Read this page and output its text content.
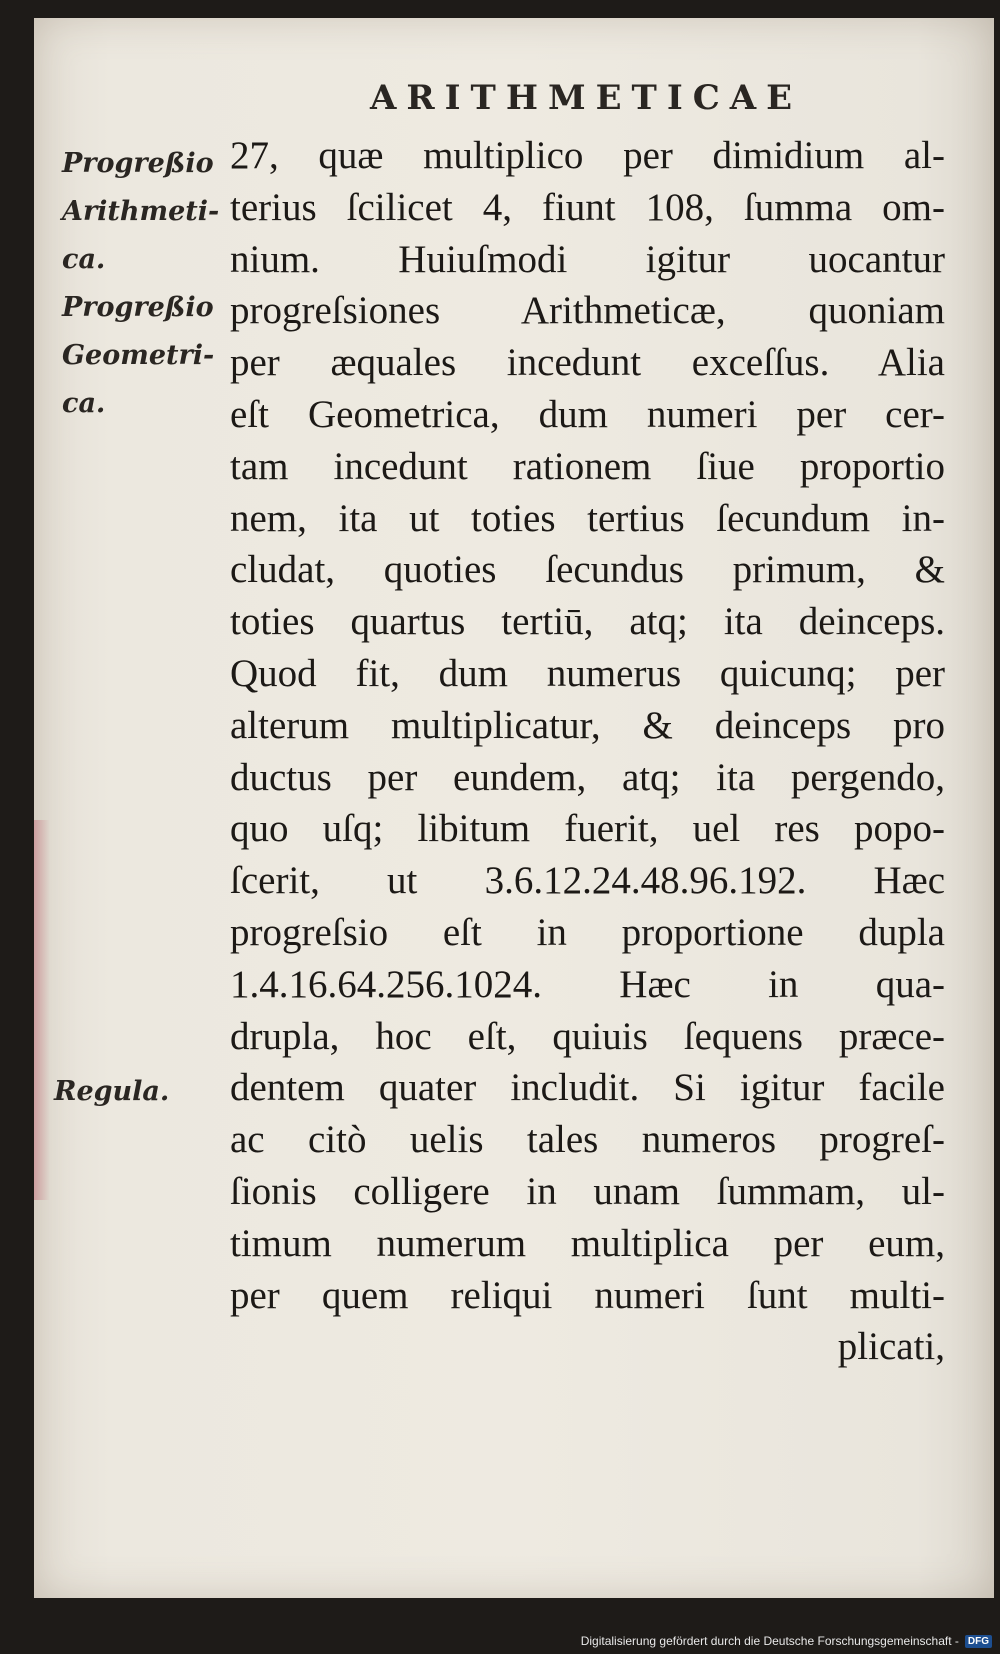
ARITHMETICAE
Progreßio
Arithmeti-
ca.
Progreßio
Geometri-
ca.
Regula.
27, quæ multiplico per dimidium al-
terius ſcilicet 4, fiunt 108, ſumma om-
nium. Huiuſmodi igitur uocantur
progreſsiones Arithmeticæ, quoniam
per æquales incedunt exceſſus. Alia
eſt Geometrica, dum numeri per cer-
tam incedunt rationem ſiue proportio
nem, ita ut toties tertius ſecundum in-
cludat, quoties ſecundus primum, &
toties quartus tertiū, atq; ita deinceps.
Quod fit, dum numerus quicunq; per
alterum multiplicatur, & deinceps pro
ductus per eundem, atq; ita pergendo,
quo uſq; libitum fuerit, uel res popo-
ſcerit, ut 3.6.12.24.48.96.192. Hæc
progreſsio eſt in proportione dupla
1.4.16.64.256.1024. Hæc in qua-
drupla, hoc eſt, quiuis ſequens præce-
dentem quater includit. Si igitur facile
ac citò uelis tales numeros progreſ-
ſionis colligere in unam ſummam, ul-
timum numerum multiplica per eum,
per quem reliqui numeri ſunt multi-
plicati,
Digitalisierung gefördert durch die Deutsche Forschungsgemeinschaft - DFG
